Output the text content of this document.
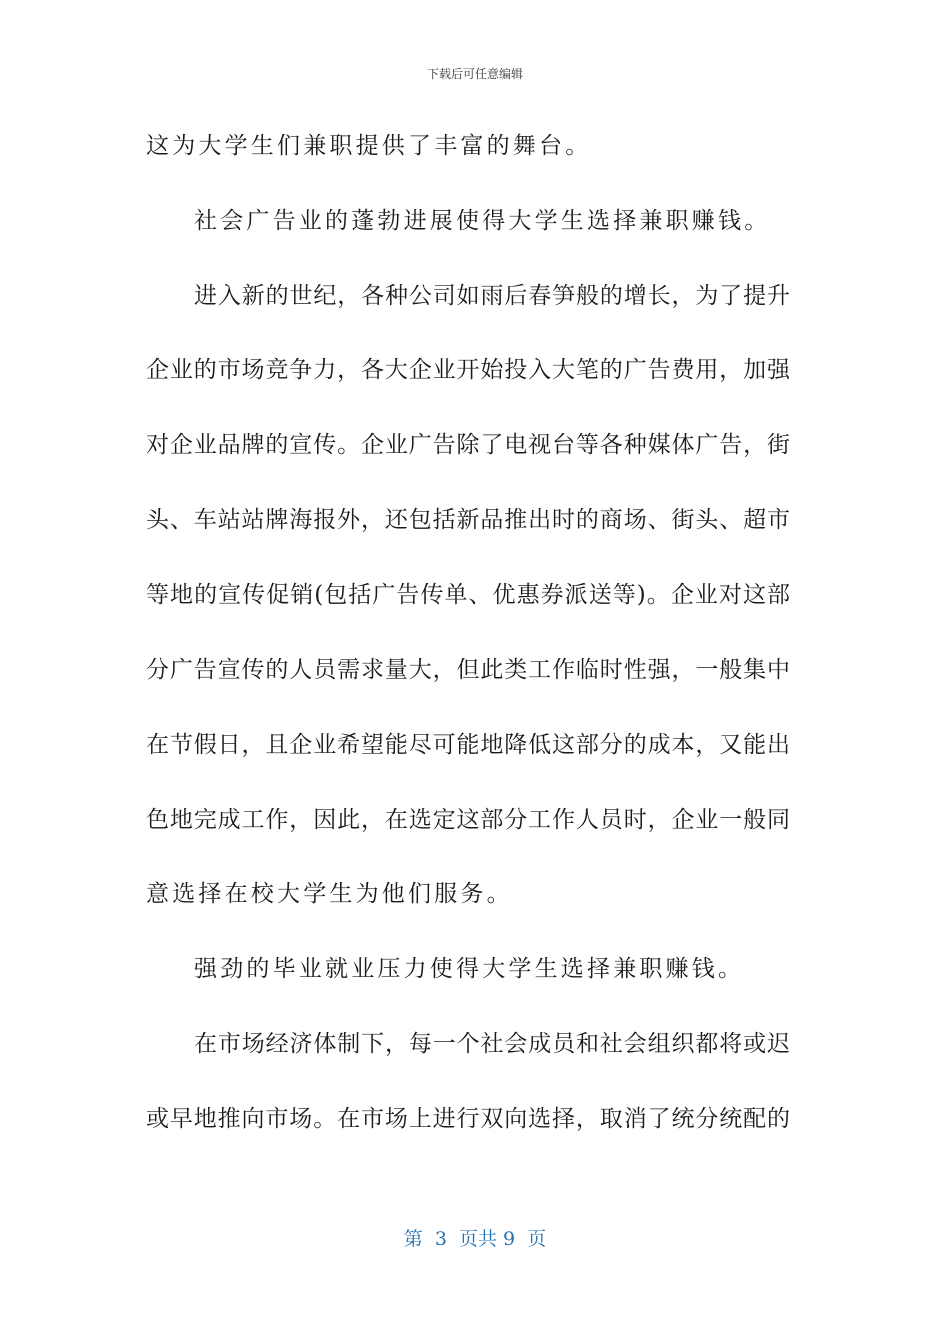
下载后可任意编辑
这为大学生们兼职提供了丰富的舞台。
社会广告业的蓬勃进展使得大学生选择兼职赚钱。
进入新的世纪，各种公司如雨后春笋般的增长，为了提升
企业的市场竞争力，各大企业开始投入大笔的广告费用，加强
对企业品牌的宣传。企业广告除了电视台等各种媒体广告，街
头、车站站牌海报外，还包括新品推出时的商场、街头、超市
等地的宣传促销(包括广告传单、优惠券派送等)。企业对这部
分广告宣传的人员需求量大，但此类工作临时性强，一般集中
在节假日，且企业希望能尽可能地降低这部分的成本，又能出
色地完成工作，因此，在选定这部分工作人员时，企业一般同
意选择在校大学生为他们服务。
强劲的毕业就业压力使得大学生选择兼职赚钱。
在市场经济体制下，每一个社会成员和社会组织都将或迟
或早地推向市场。在市场上进行双向选择，取消了统分统配的
第  3  页共 9  页
